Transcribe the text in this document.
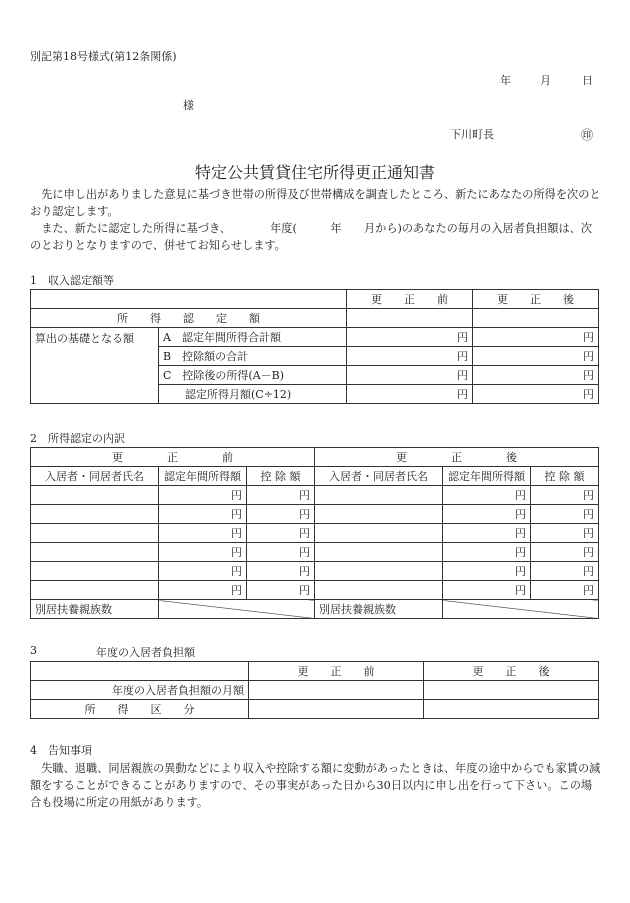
別記第18号様式(第12条関係)
年	月	日
様
下川町長	㊞
特定公共賃貸住宅所得更正通知書

先に申し出がありました意見に基づき世帯の所得及び世帯構成を調査したところ、新たにあなたの所得を次のとおり認定します。

また、新たに認定した所得に基づき、　　　　年度(　　　年　　月から)のあなたの毎月の入居者負担額は、次のとおりとなりますので、併せてお知らせします。

1　収入認定額等
		更　　正　　前	更　　正　　後
所　　得　　認　　定　　額			
算出の基礎となる額	A　認定年間所得合計額	円	円
	B　控除額の合計	円	円
	C　控除後の所得(A－B)	円	円
	　　認定所得月額(C÷12)	円	円
2　所得認定の内訳
更　　　　正　　　　前			更　　　　正　　　　後		
入居者・同居者氏名	認定年間所得額	控 除 額	入居者・同居者氏名	認定年間所得額	控 除 額
	円	円		円	円
	円	円		円	円
	円	円		円	円
	円	円		円	円
	円	円		円	円
	円	円		円	円
別居扶養親族数			別居扶養親族数		
3	年度の入居者負担額
	更　　正　　前	更　　正　　後
年度の入居者負担額の月額		
所　　得　　区　　分		
4　告知事項

失職、退職、同居親族の異動などにより収入や控除する額に変動があったときは、年度の途中からでも家賃の減額をすることができることがありますので、その事実があった日から30日以内に申し出を行って下さい。この場合も役場に所定の用紙があります。
